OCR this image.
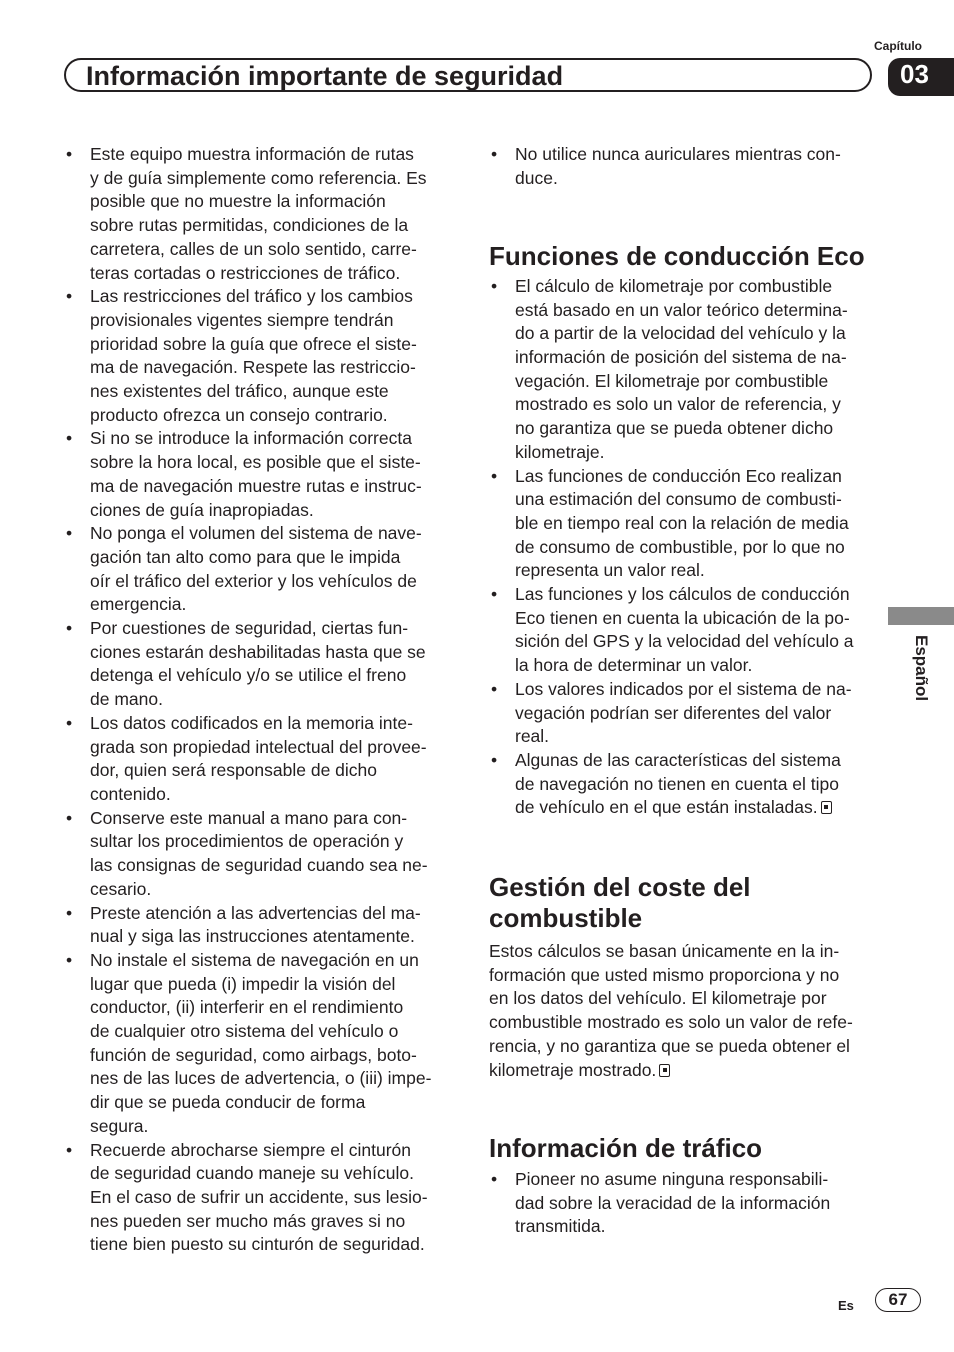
Capítulo
03
Información importante de seguridad
• Este equipo muestra información de rutas
y de guía simplemente como referencia. Es
posible que no muestre la información
sobre rutas permitidas, condiciones de la
carretera, calles de un solo sentido, carre-
teras cortadas o restricciones de tráfico.
• Las restricciones del tráfico y los cambios
provisionales vigentes siempre tendrán
prioridad sobre la guía que ofrece el siste-
ma de navegación. Respete las restriccio-
nes existentes del tráfico, aunque este
producto ofrezca un consejo contrario.
• Si no se introduce la información correcta
sobre la hora local, es posible que el siste-
ma de navegación muestre rutas e instruc-
ciones de guía inapropiadas.
• No ponga el volumen del sistema de nave-
gación tan alto como para que le impida
oír el tráfico del exterior y los vehículos de
emergencia.
• Por cuestiones de seguridad, ciertas fun-
ciones estarán deshabilitadas hasta que se
detenga el vehículo y/o se utilice el freno
de mano.
• Los datos codificados en la memoria inte-
grada son propiedad intelectual del provee-
dor, quien será responsable de dicho
contenido.
• Conserve este manual a mano para con-
sultar los procedimientos de operación y
las consignas de seguridad cuando sea ne-
cesario.
• Preste atención a las advertencias del ma-
nual y siga las instrucciones atentamente.
• No instale el sistema de navegación en un
lugar que pueda (i) impedir la visión del
conductor, (ii) interferir en el rendimiento
de cualquier otro sistema del vehículo o
función de seguridad, como airbags, boto-
nes de las luces de advertencia, o (iii) impe-
dir que se pueda conducir de forma
segura.
• Recuerde abrocharse siempre el cinturón
de seguridad cuando maneje su vehículo.
En el caso de sufrir un accidente, sus lesio-
nes pueden ser mucho más graves si no
tiene bien puesto su cinturón de seguridad.
• No utilice nunca auriculares mientras con-
duce.
Funciones de conducción Eco
• El cálculo de kilometraje por combustible
está basado en un valor teórico determina-
do a partir de la velocidad del vehículo y la
información de posición del sistema de na-
vegación. El kilometraje por combustible
mostrado es solo un valor de referencia, y
no garantiza que se pueda obtener dicho
kilometraje.
• Las funciones de conducción Eco realizan
una estimación del consumo de combusti-
ble en tiempo real con la relación de media
de consumo de combustible, por lo que no
representa un valor real.
• Las funciones y los cálculos de conducción
Eco tienen en cuenta la ubicación de la po-
sición del GPS y la velocidad del vehículo a
la hora de determinar un valor.
• Los valores indicados por el sistema de na-
vegación podrían ser diferentes del valor
real.
• Algunas de las características del sistema
de navegación no tienen en cuenta el tipo
de vehículo en el que están instaladas.
Gestión del coste del
combustible

Estos cálculos se basan únicamente en la in-
formación que usted mismo proporciona y no
en los datos del vehículo. El kilometraje por
combustible mostrado es solo un valor de refe-
rencia, y no garantiza que se pueda obtener el
kilometraje mostrado.

Información de tráfico
• Pioneer no asume ninguna responsabili-
dad sobre la veracidad de la información
transmitida.
Español
Es	67
